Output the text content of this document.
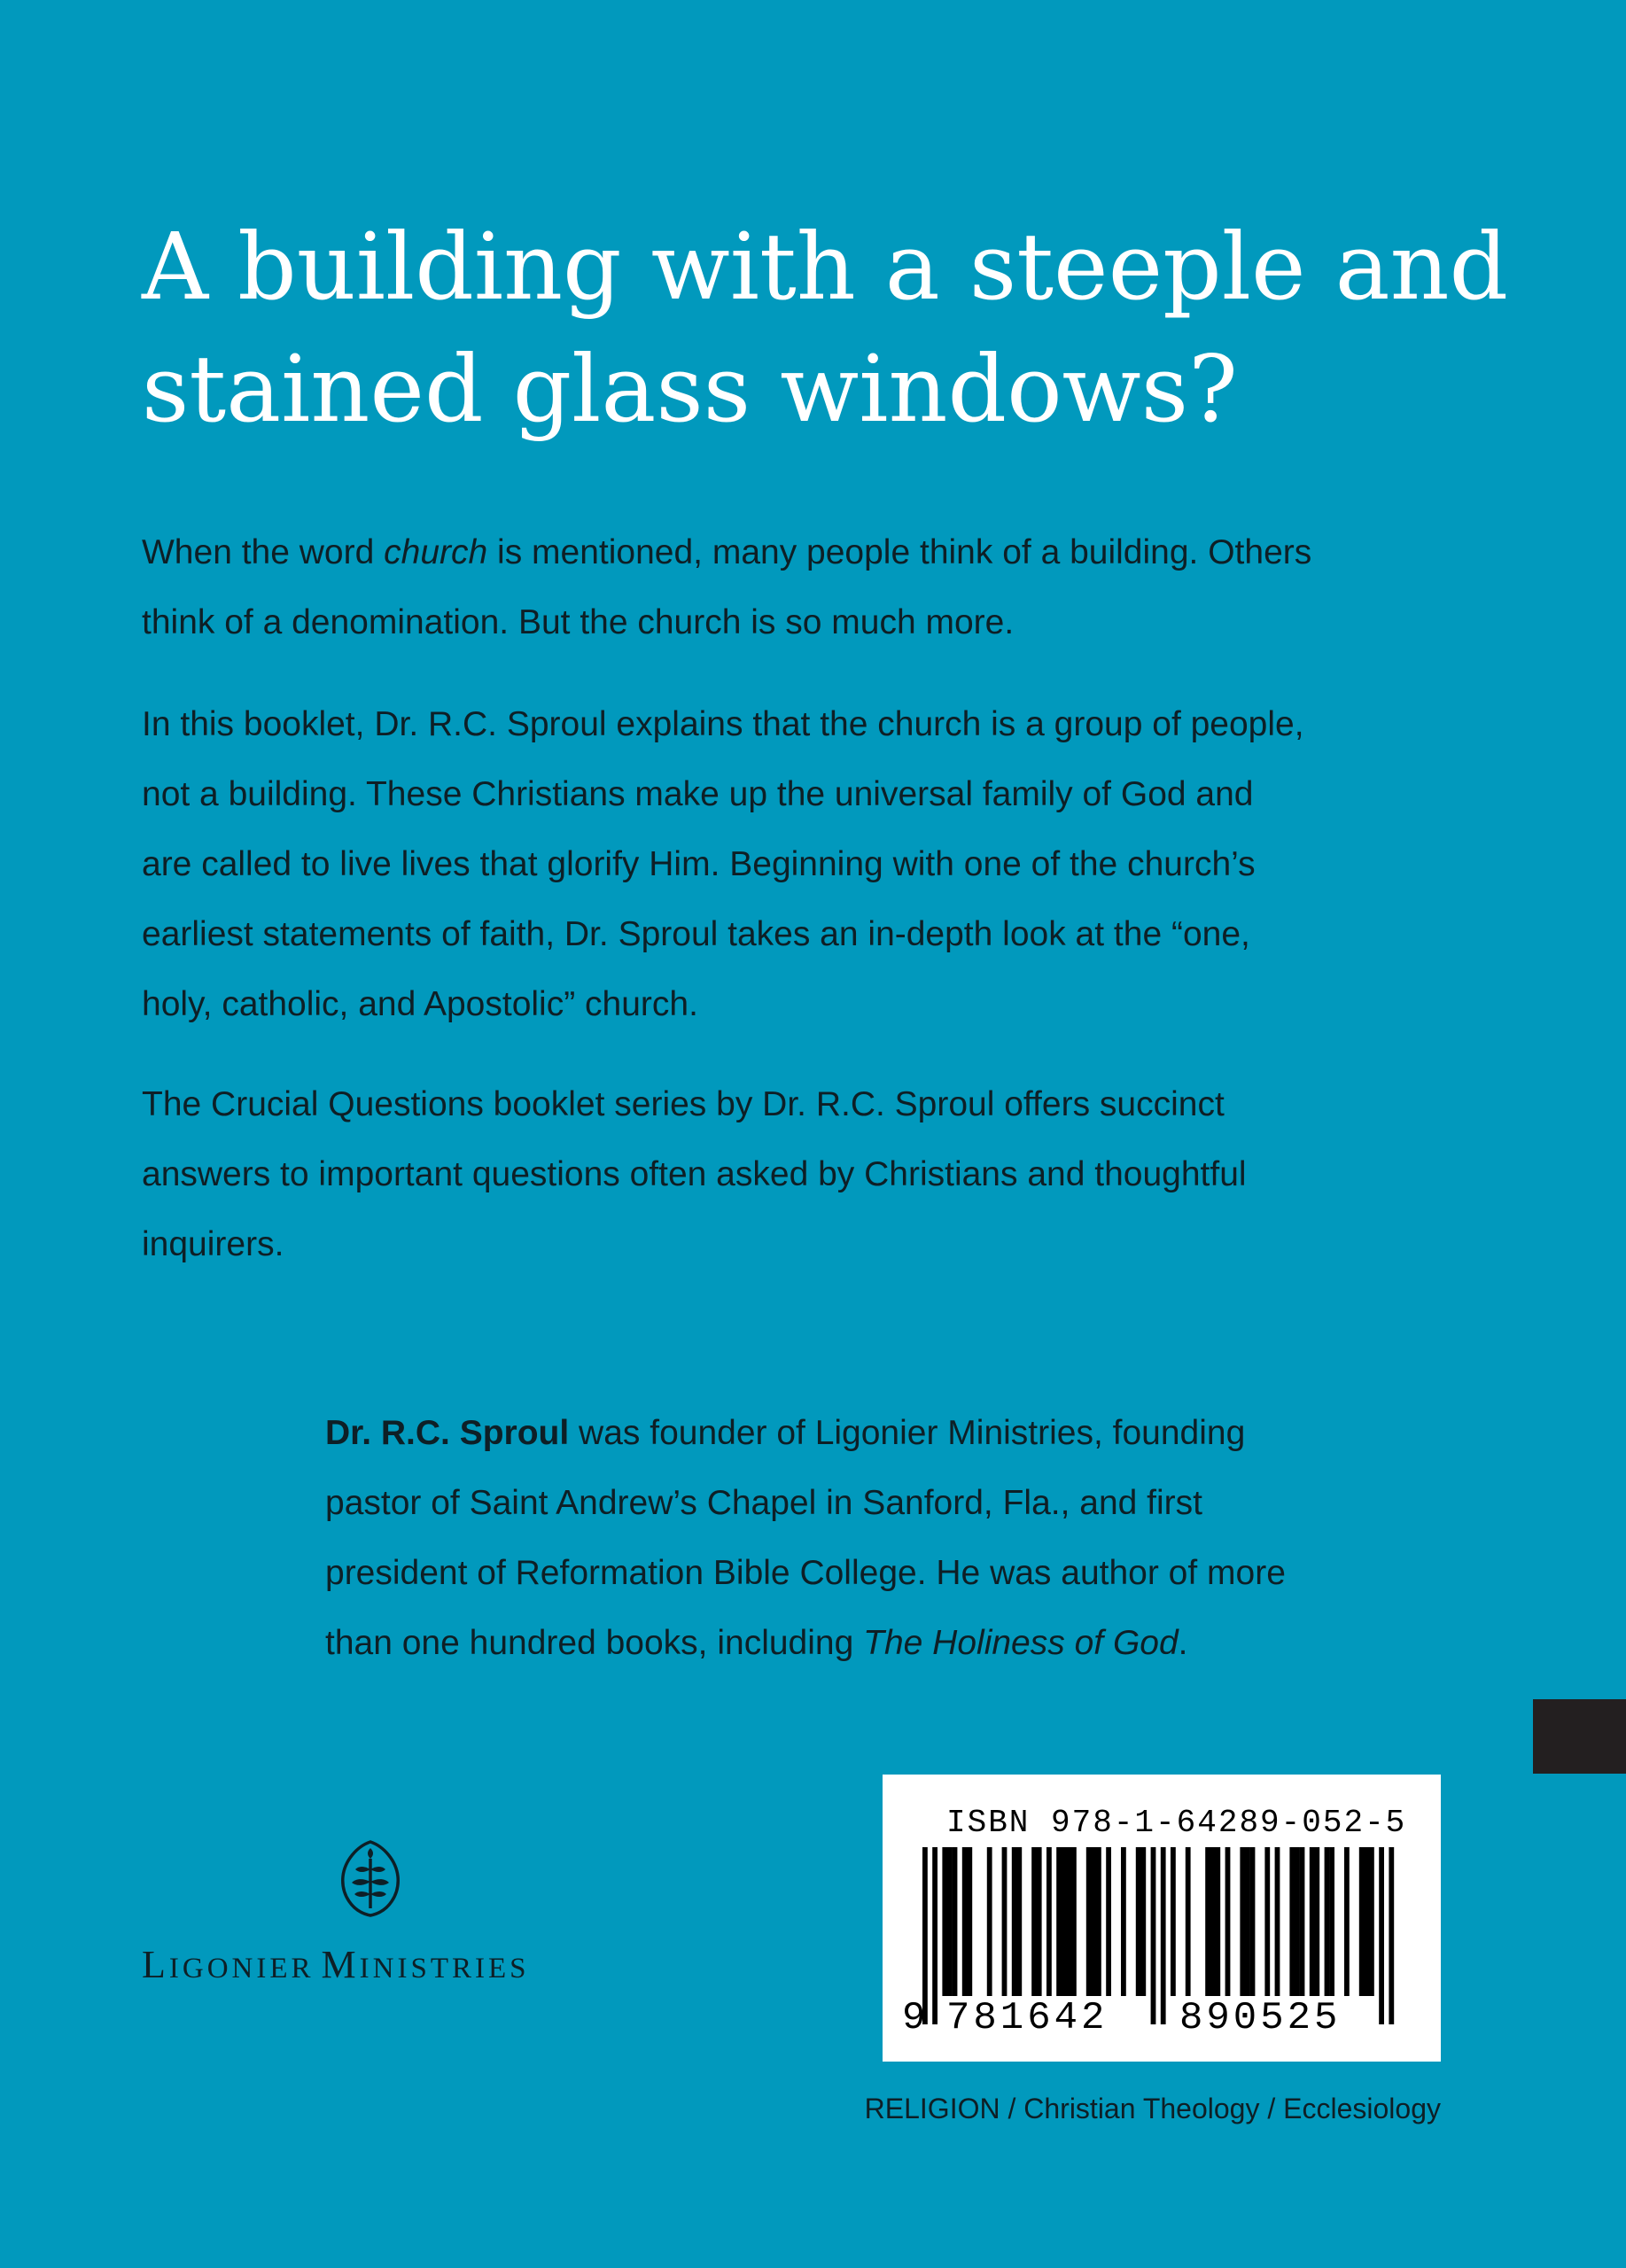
A building with a steeple and
stained glass windows?

When the word church is mentioned, many people think of a building. Others
think of a denomination. But the church is so much more.

In this booklet, Dr. R.C. Sproul explains that the church is a group of people,
not a building. These Christians make up the universal family of God and
are called to live lives that glorify Him. Beginning with one of the church’s
earliest statements of faith, Dr. Sproul takes an in-depth look at the “one,
holy, catholic, and Apostolic” church.

The Crucial Questions booklet series by Dr. R.C. Sproul offers succinct
answers to important questions often asked by Christians and thoughtful
inquirers.

Dr. R.C. Sproul was founder of Ligonier Ministries, founding
pastor of Saint Andrew’s Chapel in Sanford, Fla., and first
president of Reformation Bible College. He was author of more
than one hundred books, including The Holiness of God.

LIGONIER MINISTRIES
ISBN 978-1-64289-052-5
9 781642 890525
RELIGION / Christian Theology / Ecclesiology
